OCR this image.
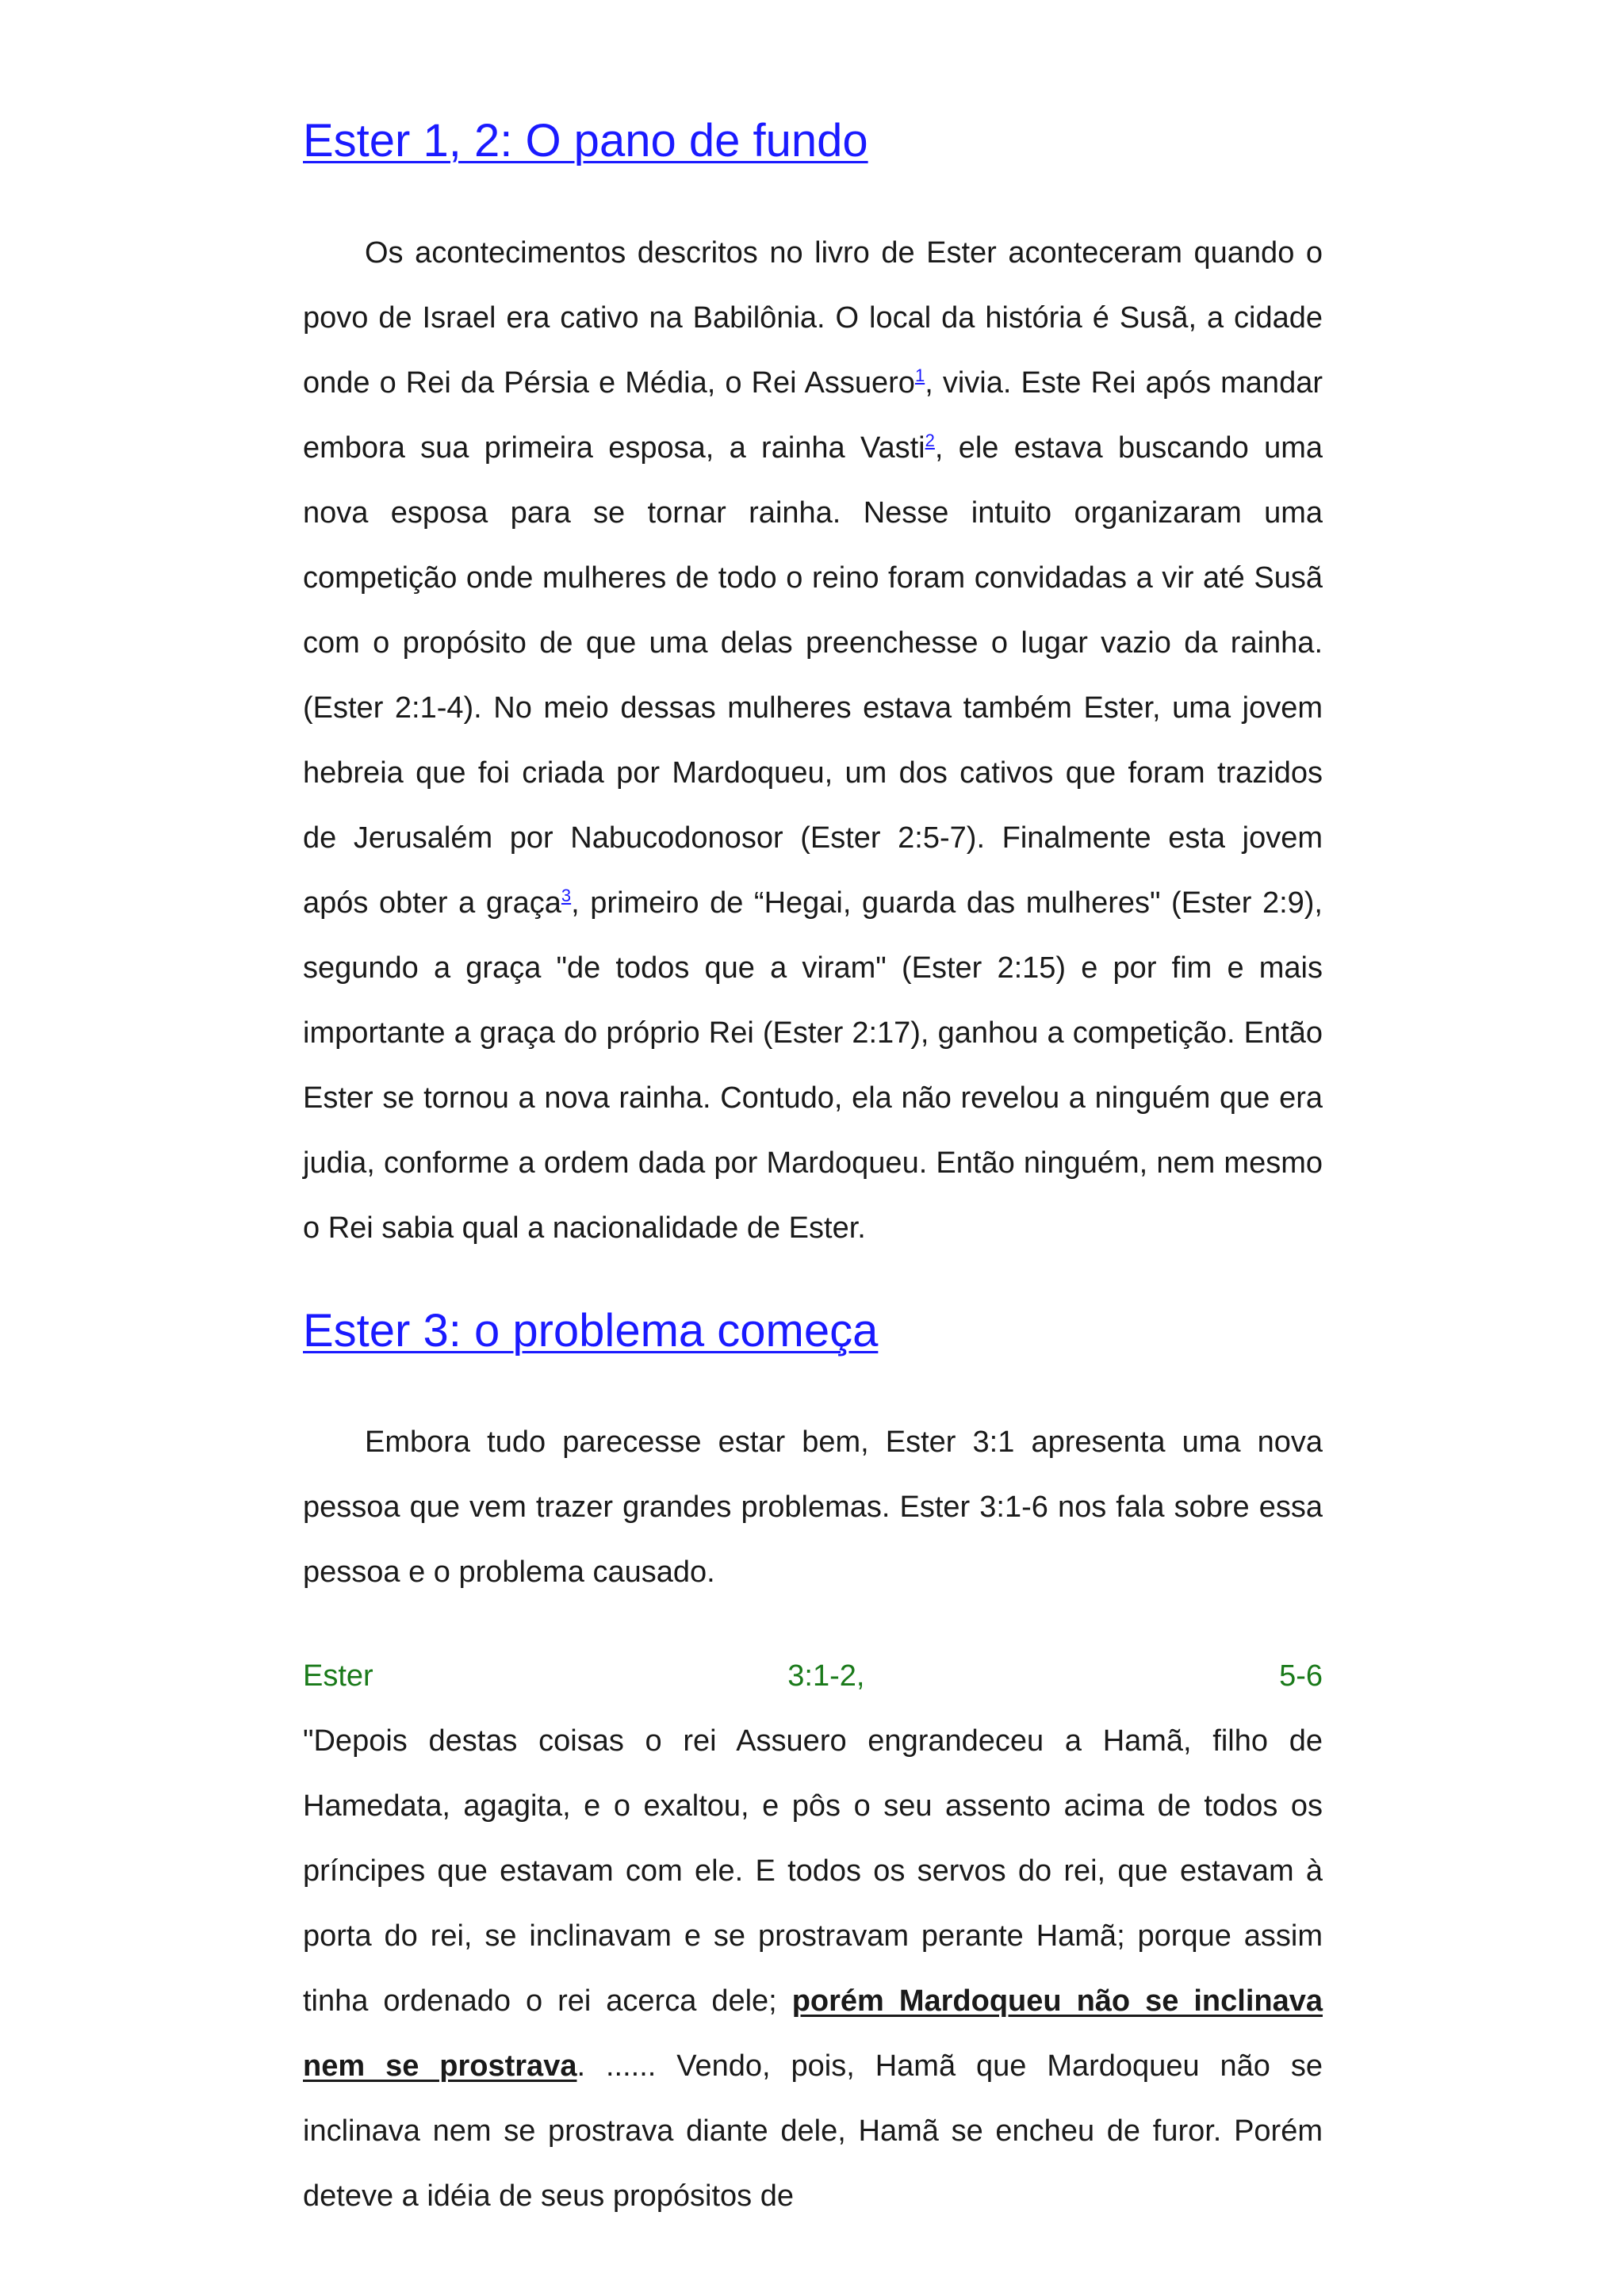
Ester 1, 2: O pano de fundo

Os acontecimentos descritos no livro de Ester aconteceram quando o povo de Israel era cativo na Babilônia. O local da história é Susã, a cidade onde o Rei da Pérsia e Média, o Rei Assuero$^1$, vivia. Este Rei após mandar embora sua primeira esposa, a rainha Vasti$^2$, ele estava buscando uma nova esposa para se tornar rainha. Nesse intuito organizaram uma competição onde mulheres de todo o reino foram convidadas a vir até Susã com o propósito de que uma delas preenchesse o lugar vazio da rainha. (Ester 2:1-4). No meio dessas mulheres estava também Ester, uma jovem hebreia que foi criada por Mardoqueu, um dos cativos que foram trazidos de Jerusalém por Nabucodonosor (Ester 2:5-7). Finalmente esta jovem após obter a graça$^3$, primeiro de “Hegai, guarda das mulheres" (Ester 2:9), segundo a graça "de todos que a viram" (Ester 2:15) e por fim e mais importante a graça do próprio Rei (Ester 2:17), ganhou a competição. Então Ester se tornou a nova rainha. Contudo, ela não revelou a ninguém que era judia, conforme a ordem dada por Mardoqueu. Então ninguém, nem mesmo o Rei sabia qual a nacionalidade de Ester.

Ester 3: o problema começa

Embora tudo parecesse estar bem, Ester 3:1 apresenta uma nova pessoa que vem trazer grandes problemas. Ester 3:1-6 nos fala sobre essa pessoa e o problema causado.

Ester	3:1-2,	5-6

"Depois destas coisas o rei Assuero engrandeceu a Hamã, filho de Hamedata, agagita, e o exaltou, e pôs o seu assento acima de todos os príncipes que estavam com ele. E todos os servos do rei, que estavam à porta do rei, se inclinavam e se prostravam perante Hamã; porque assim tinha ordenado o rei acerca dele; porém Mardoqueu não se inclinava nem se prostrava. ...... Vendo, pois, Hamã que Mardoqueu não se inclinava nem se prostrava diante dele, Hamã se encheu de furor. Porém deteve a idéia de seus propósitos de
